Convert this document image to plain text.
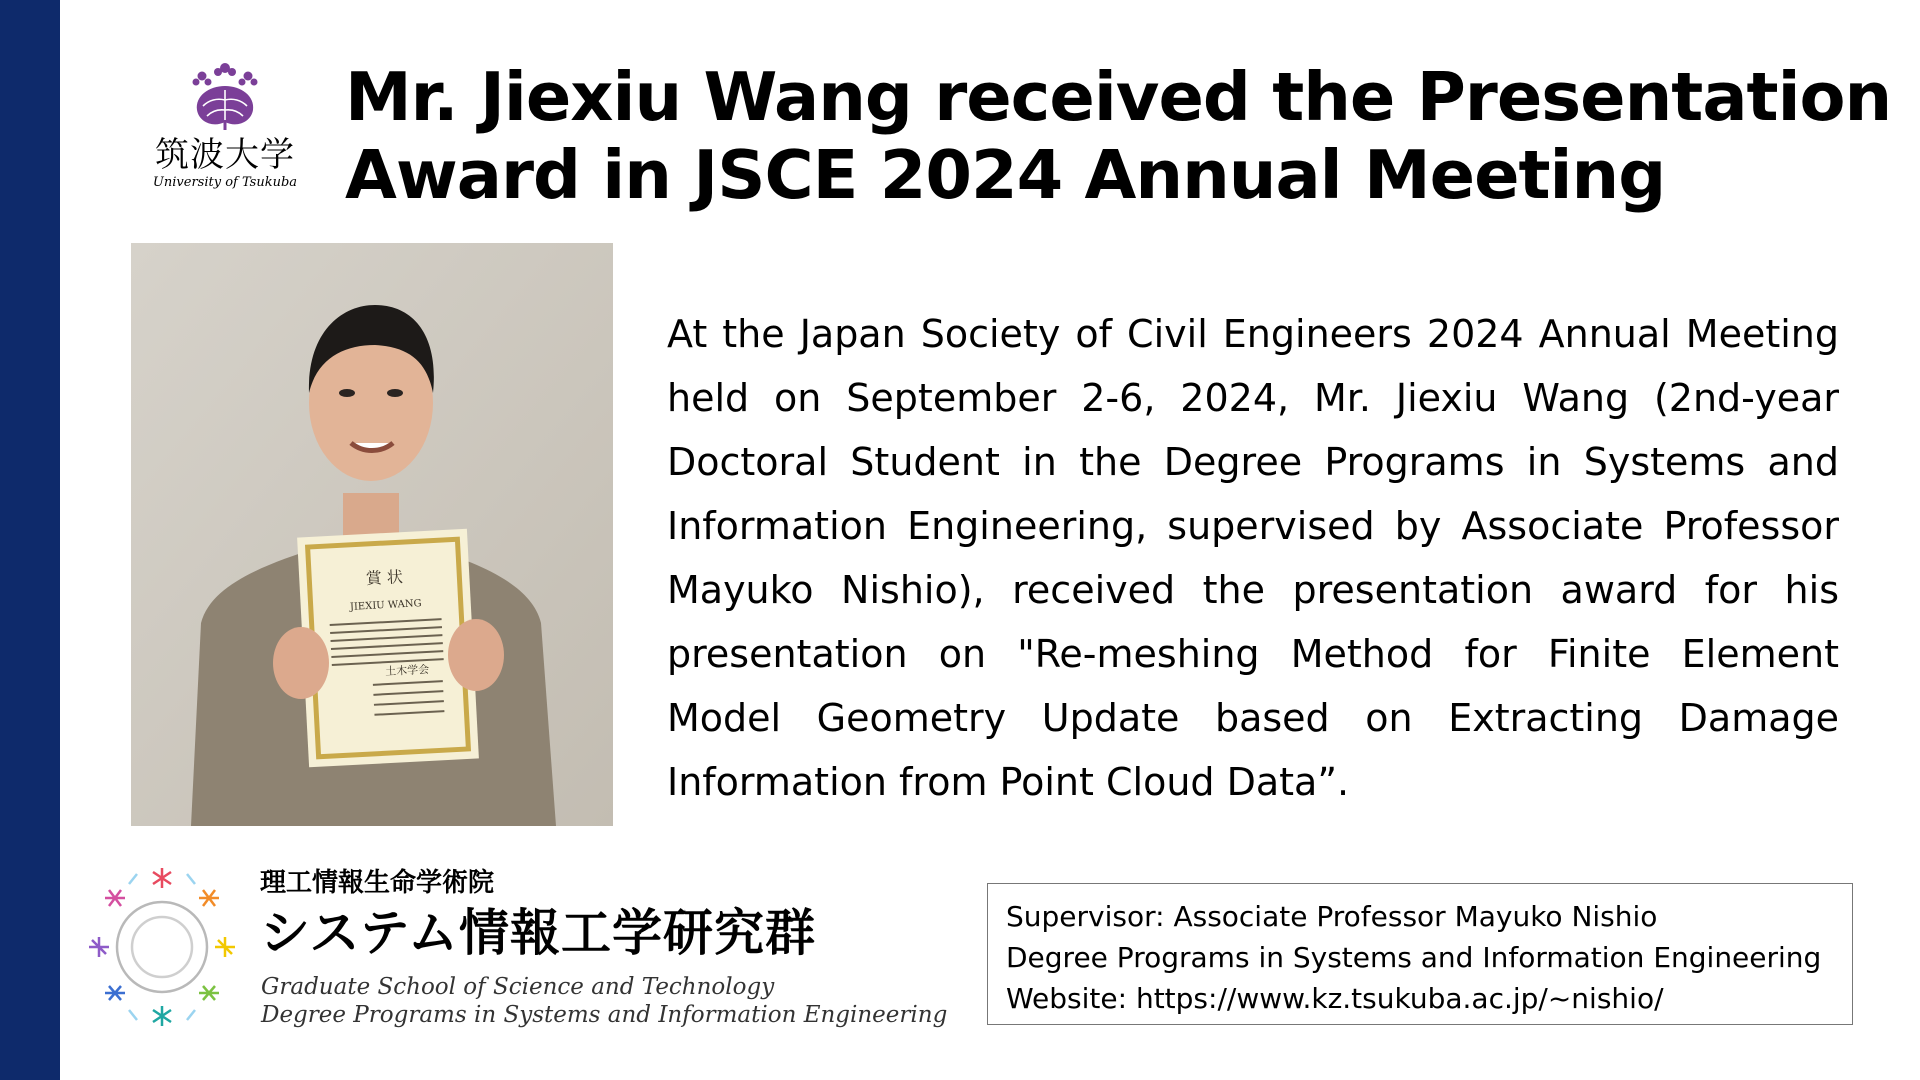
筑波大学
University of Tsukuba
Mr. Jiexiu Wang received the Presentation
Award in JSCE 2024 Annual Meeting
賞 状
JIEXIU WANG
土木学会

At the Japan Society of Civil Engineers 2024 Annual Meeting held on September 2-6, 2024, Mr. Jiexiu Wang (2nd-year Doctoral Student in the Degree Programs in Systems and Information Engineering, supervised by Associate Professor Mayuko Nishio), received the presentation award for his presentation on "Re-meshing Method for Finite Element Model Geometry Update based on Extracting Damage Information from Point Cloud Data”.

理工情報生命学術院
システム情報工学研究群
Graduate School of Science and Technology
Degree Programs in Systems and Information Engineering
Supervisor: Associate Professor Mayuko Nishio
Degree Programs in Systems and Information Engineering
Website: https://www.kz.tsukuba.ac.jp/~nishio/
